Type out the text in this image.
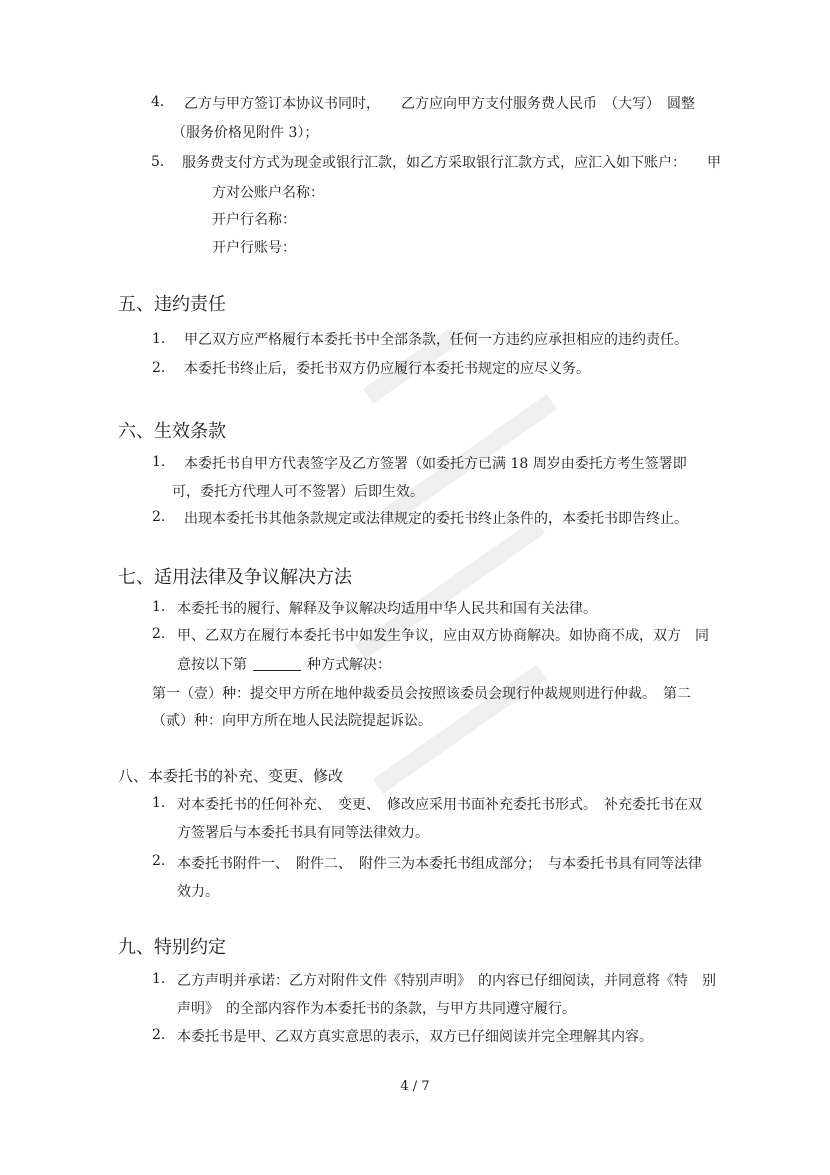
4. 乙方与甲方签订本协议书同时，　　乙方应向甲方支付服务费人民币　（大写）　圆整
（服务价格见附件 3）；
5. 服务费支付方式为现金或银行汇款，如乙方采取银行汇款方式，应汇入如下账户：　　甲
方对公账户名称：
开户行名称：
开户行账号：
五、违约责任
1. 甲乙双方应严格履行本委托书中全部条款，任何一方违约应承担相应的违约责任。
2. 本委托书终止后，委托书双方仍应履行本委托书规定的应尽义务。
六、生效条款
1. 本委托书自甲方代表签字及乙方签署（如委托方已满 18 周岁由委托方考生签署即
可，委托方代理人可不签署）后即生效。
2. 出现本委托书其他条款规定或法律规定的委托书终止条件的，本委托书即告终止。
七、适用法律及争议解决方法
1. 本委托书的履行、解释及争议解决均适用中华人民共和国有关法律。
2. 甲、乙双方在履行本委托书中如发生争议，应由双方协商解决。如协商不成，双方　同
意按以下第	种方式解决：
第一（壹）种：提交甲方所在地仲裁委员会按照该委员会现行仲裁规则进行仲裁。　第二
（贰）种：向甲方所在地人民法院提起诉讼。
八、本委托书的补充、变更、修改
1. 对本委托书的任何补充、　变更、　修改应采用书面补充委托书形式。　补充委托书在双
方签署后与本委托书具有同等法律效力。
2. 本委托书附件一、　附件二、　附件三为本委托书组成部分；　与本委托书具有同等法律
效力。
九、特别约定
1. 乙方声明并承诺：乙方对附件文件《特别声明》　的内容已仔细阅读，并同意将《特　别
声明》　的全部内容作为本委托书的条款，与甲方共同遵守履行。
2. 本委托书是甲、乙双方真实意思的表示，双方已仔细阅读并完全理解其内容。
4 / 7
